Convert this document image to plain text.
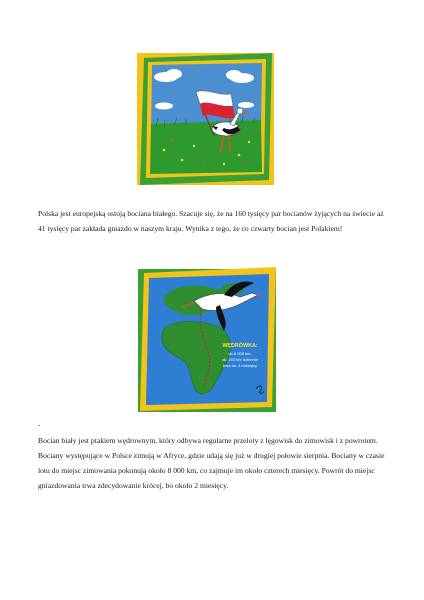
Polska jest europejską ostoją bociana białego. Szacuje się, że na 160 tysięcy par bocianów żyjących na świecie aż 41 tysięcy par zakłada gniazdo w naszym kraju. Wynika z tego, że co czwarty bocian jest Polakiem!

WĘDRÓWKA:
do 8 000 km,
ok. 200 km dziennie
trwa ok. 4 miesięcy
-

Bocian biały jest ptakiem wędrownym, który odbywa regularne przeloty z lęgowisk do zimowisk i z powrotem. Bociany występujące w Polsce zimują w Afryce, gdzie udają się już w drugiej połowie sierpnia. Bociany w czasie lotu do miejsc zimowania pokonują około 8 000 km, co zajmuje im około czterech miesięcy. Powrót do miejsc gniazdowania trwa zdecydowanie krócej, bo około 2 miesięcy.
